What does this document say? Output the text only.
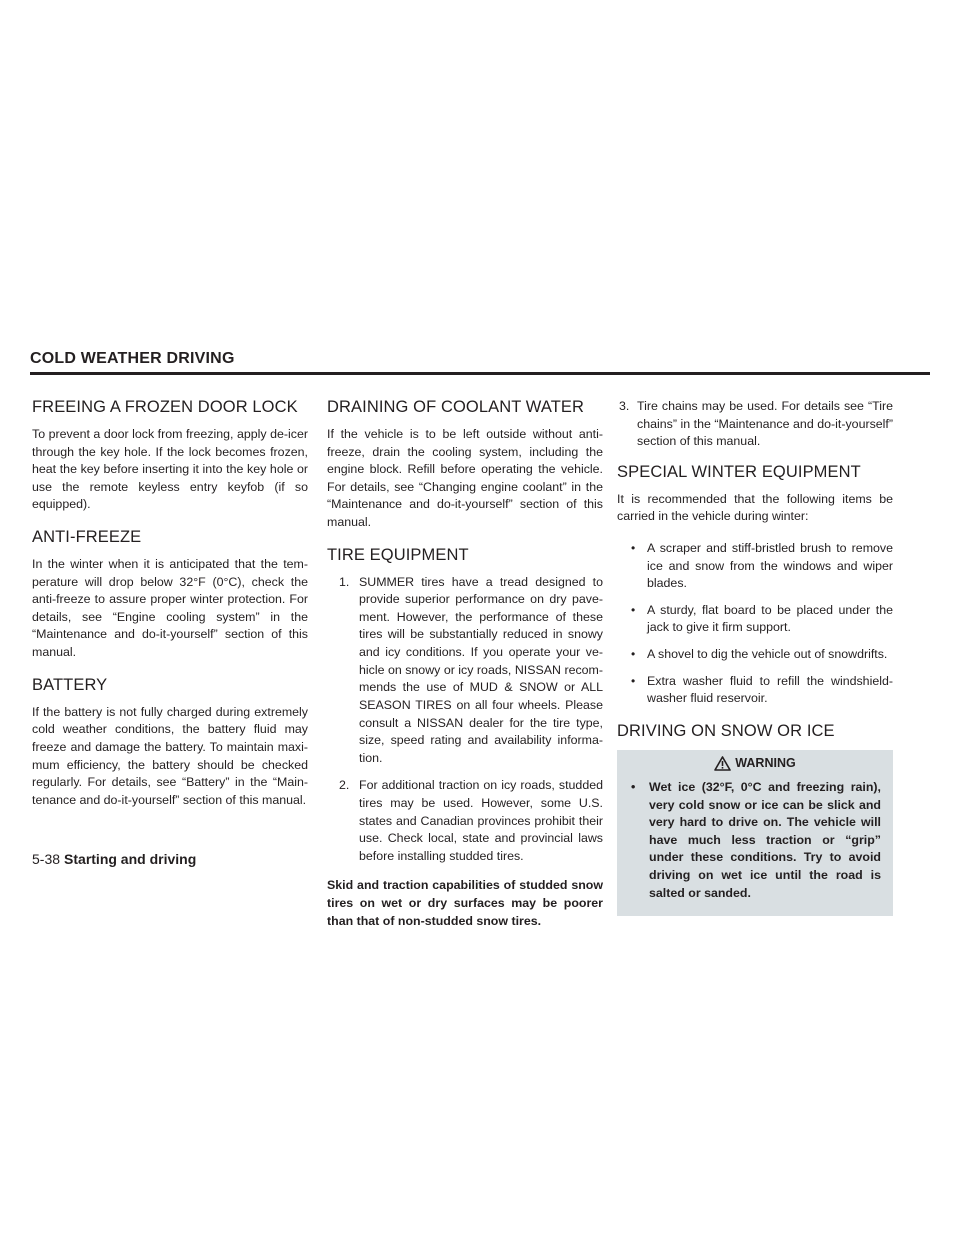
COLD WEATHER DRIVING
FREEING A FROZEN DOOR LOCK

To prevent a door lock from freezing, apply de-icer through the key hole. If the lock becomes frozen, heat the key before inserting it into the key hole or use the remote keyless entry keyfob (if so equipped).

ANTI-FREEZE

In the winter when it is anticipated that the tem-perature will drop below 32°F (0°C), check the anti-freeze to assure proper winter protection. For details, see “Engine cooling system” in the “Maintenance and do-it-yourself” section of this manual.

BATTERY

If the battery is not fully charged during extremely cold weather conditions, the battery fluid may freeze and damage the battery. To maintain maxi-mum efficiency, the battery should be checked regularly. For details, see “Battery” in the “Main-tenance and do-it-yourself” section of this manual.

DRAINING OF COOLANT WATER

If the vehicle is to be left outside without anti-freeze, drain the cooling system, including the engine block. Refill before operating the vehicle. For details, see “Changing engine coolant” in the “Maintenance and do-it-yourself” section of this manual.

TIRE EQUIPMENT
1. SUMMER tires have a tread designed to provide superior performance on dry pave-ment. However, the performance of these tires will be substantially reduced in snowy and icy conditions. If you operate your ve-hicle on snowy or icy roads, NISSAN recom-mends the use of MUD & SNOW or ALL SEASON TIRES on all four wheels. Please consult a NISSAN dealer for the tire type, size, speed rating and availability informa-tion.
2. For additional traction on icy roads, studded tires may be used. However, some U.S. states and Canadian provinces prohibit their use. Check local, state and provincial laws before installing studded tires.

Skid and traction capabilities of studded snow tires on wet or dry surfaces may be poorer than that of non-studded snow tires.

3. Tire chains may be used. For details see “Tire chains” in the “Maintenance and do-it-yourself” section of this manual.
SPECIAL WINTER EQUIPMENT

It is recommended that the following items be carried in the vehicle during winter:

• A scraper and stiff-bristled brush to remove ice and snow from the windows and wiper blades.
• A sturdy, flat board to be placed under the jack to give it firm support.
• A shovel to dig the vehicle out of snowdrifts.
• Extra washer fluid to refill the windshield-washer fluid reservoir.
DRIVING ON SNOW OR ICE
WARNING
• Wet ice (32°F, 0°C and freezing rain), very cold snow or ice can be slick and very hard to drive on. The vehicle will have much less traction or “grip” under these conditions. Try to avoid driving on wet ice until the road is salted or sanded.
5-38 Starting and driving
